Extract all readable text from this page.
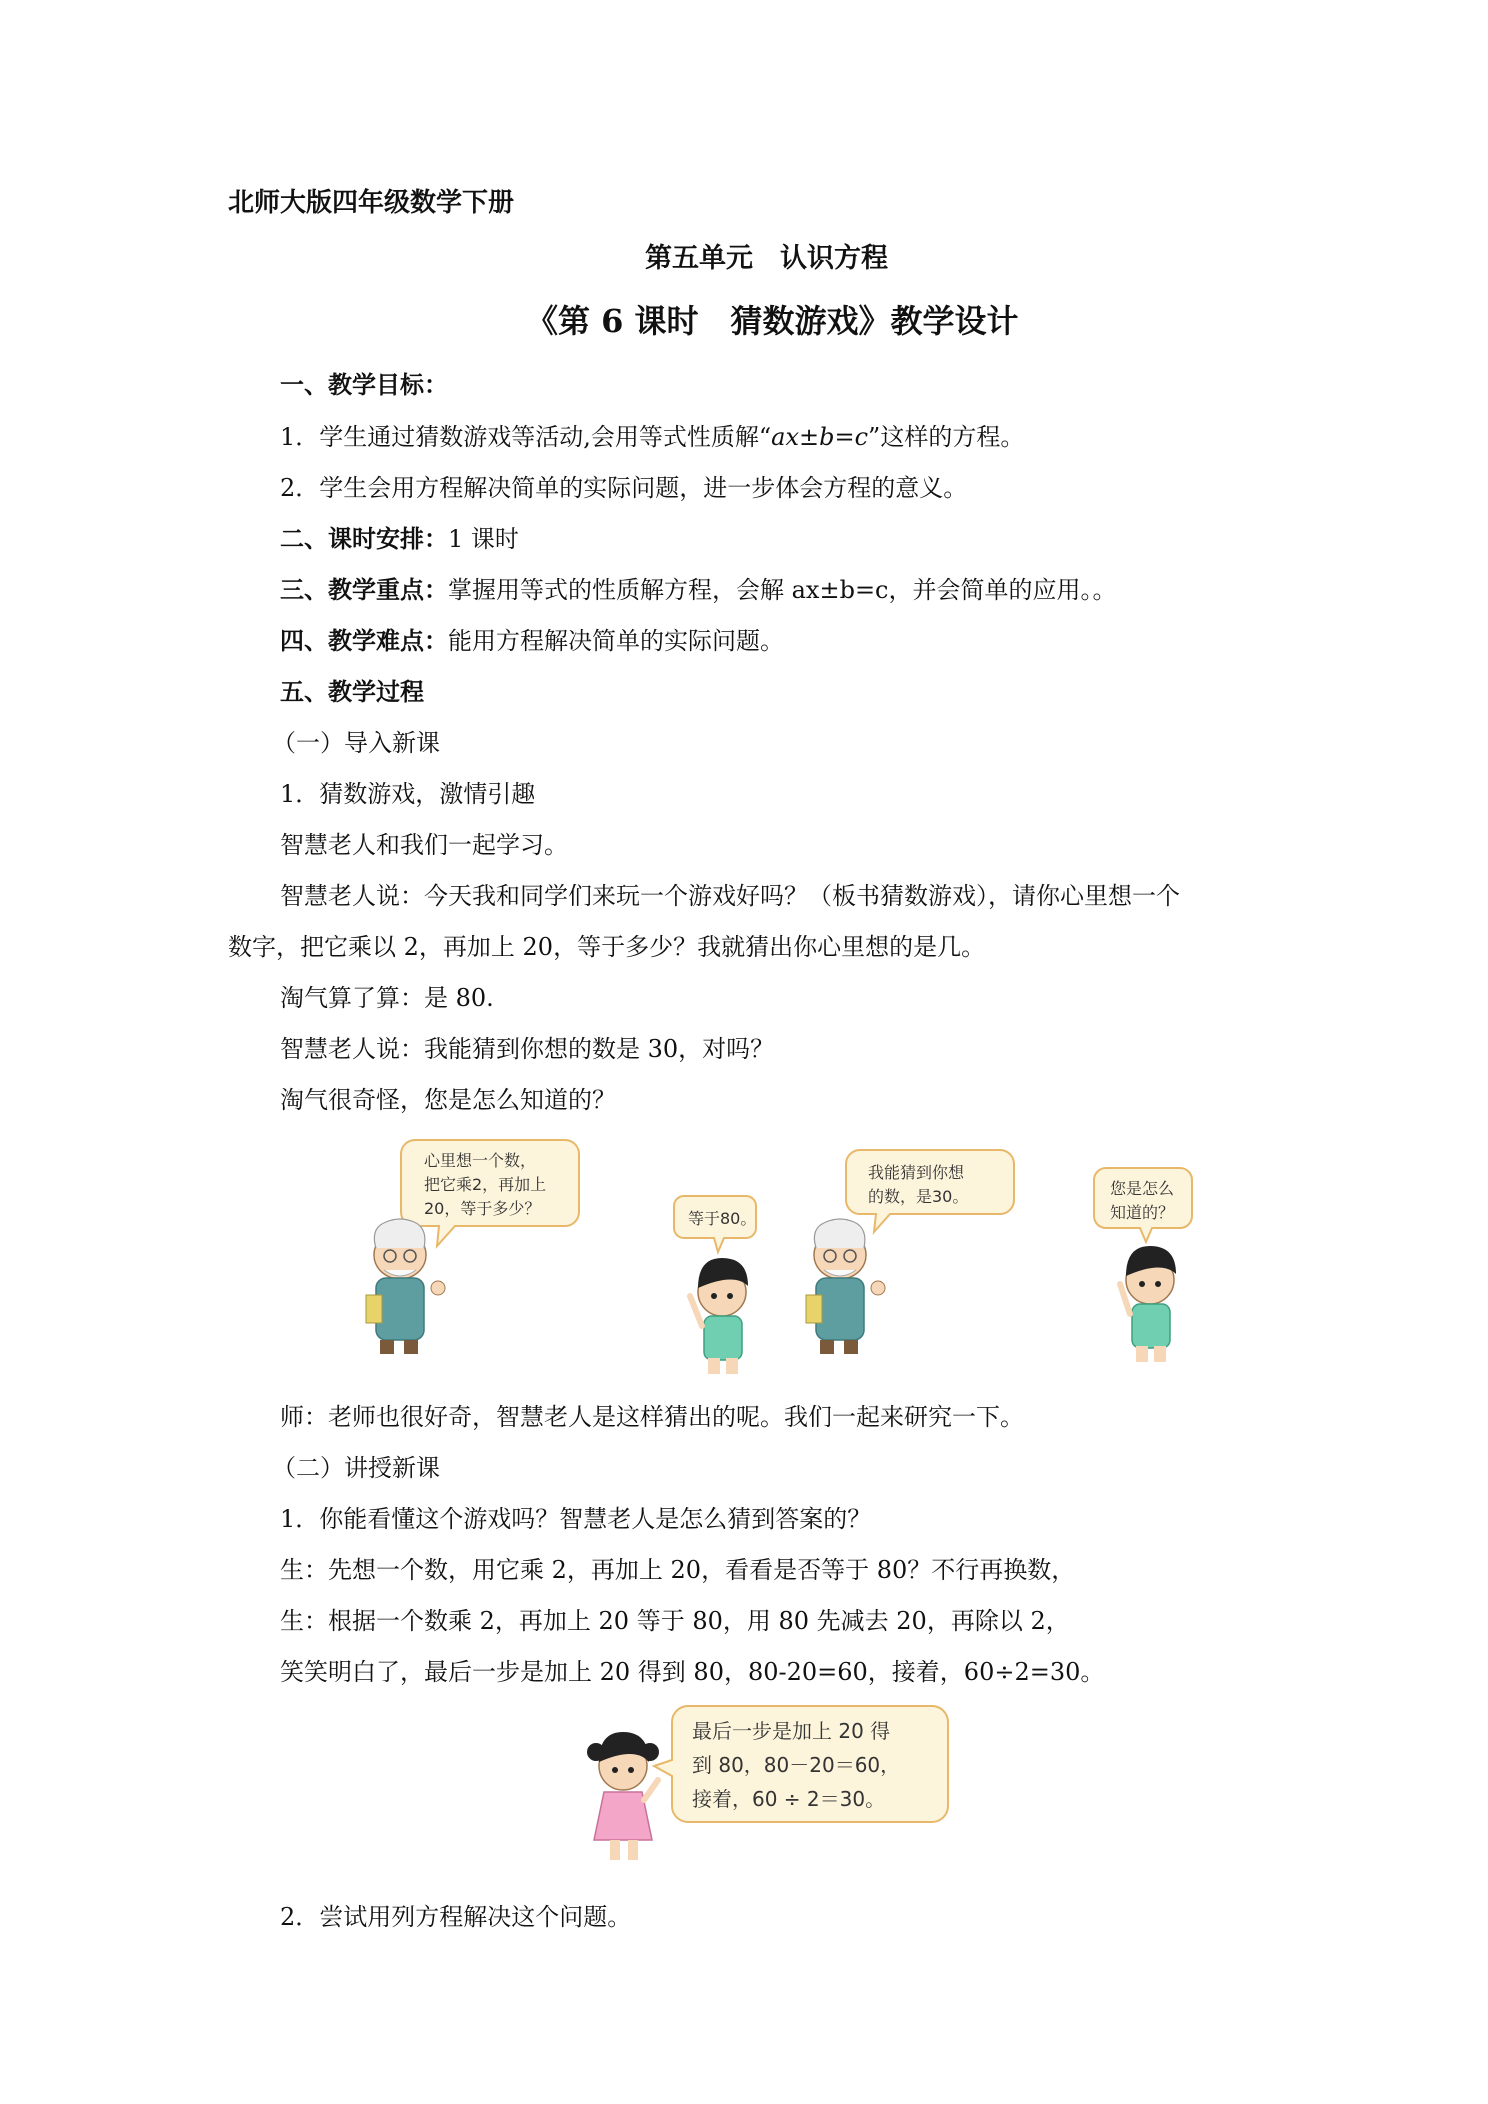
北师大版四年级数学下册
第五单元　认识方程
《第 6 课时　猜数游戏》教学设计
一、教学目标：
1．学生通过猜数游戏等活动,会用等式性质解“ax±b=c”这样的方程。
2．学生会用方程解决简单的实际问题，进一步体会方程的意义。
二、课时安排：1 课时
三、教学重点：掌握用等式的性质解方程，会解 ax±b=c，并会简单的应用。。
四、教学难点：能用方程解决简单的实际问题。
五、教学过程
（一）导入新课
1．猜数游戏，激情引趣
智慧老人和我们一起学习。
智慧老人说：今天我和同学们来玩一个游戏好吗？（板书猜数游戏），请你心里想一个
数字，把它乘以 2，再加上 20，等于多少？我就猜出你心里想的是几。
淘气算了算：是 80.
智慧老人说：我能猜到你想的数是 30，对吗？
淘气很奇怪，您是怎么知道的？
心里想一个数，
把它乘2，再加上
20，等于多少？
等于80。
我能猜到你想
的数，是30。	您是怎么
知道的？
师：老师也很好奇，智慧老人是这样猜出的呢。我们一起来研究一下。
（二）讲授新课
1．你能看懂这个游戏吗？智慧老人是怎么猜到答案的？
生：先想一个数，用它乘 2，再加上 20，看看是否等于 80？不行再换数，
生：根据一个数乘 2，再加上 20 等于 80，用 80 先减去 20，再除以 2，
笑笑明白了，最后一步是加上 20 得到 80，80-20=60，接着，60÷2=30。
最后一步是加上 20 得
到 80，80－20＝60，
接着，60 ÷ 2＝30。
2．尝试用列方程解决这个问题。
